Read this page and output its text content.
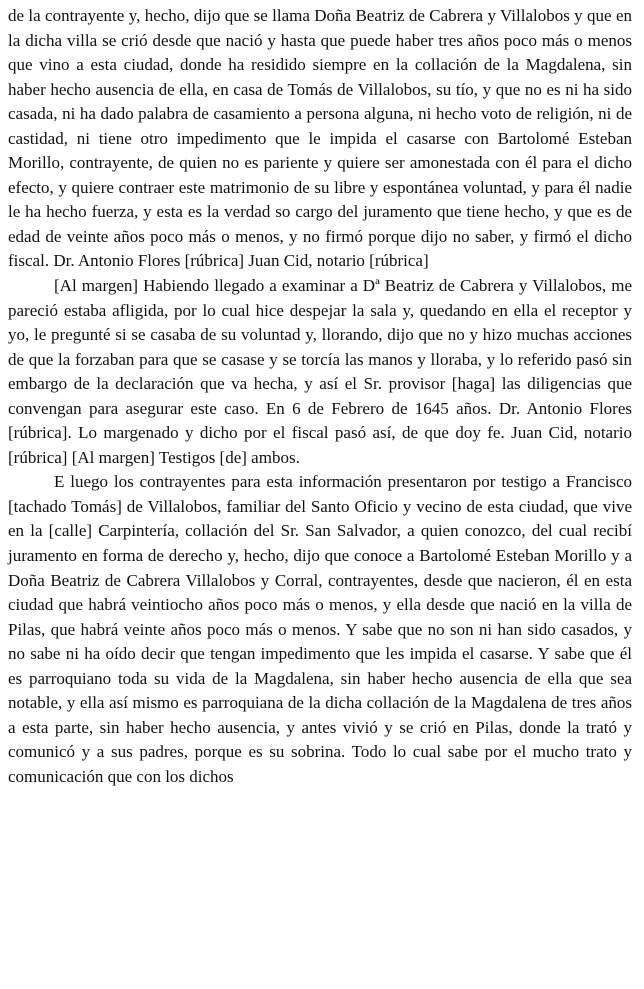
de la contrayente y, hecho, dijo que se llama Doña Beatriz de Cabrera y Villalobos y que en la dicha villa se crió desde que nació y hasta que puede haber tres años poco más o menos que vino a esta ciudad, donde ha residido siempre en la collación de la Magdalena, sin haber hecho ausencia de ella, en casa de Tomás de Villalobos, su tío, y que no es ni ha sido casada, ni ha dado palabra de casamiento a persona alguna, ni hecho voto de religión, ni de castidad, ni tiene otro impedimento que le impida el casarse con Bartolomé Esteban Morillo, contrayente, de quien no es pariente y quiere ser amonestada con él para el dicho efecto, y quiere contraer este matrimonio de su libre y espontánea voluntad, y para él nadie le ha hecho fuerza, y esta es la verdad so cargo del juramento que tiene hecho, y que es de edad de veinte años poco más o menos, y no firmó porque dijo no saber, y firmó el dicho fiscal. Dr. Antonio Flores [rúbrica] Juan Cid, notario [rúbrica]

[Al margen] Habiendo llegado a examinar a Dª Beatriz de Cabrera y Villalobos, me pareció estaba afligida, por lo cual hice despejar la sala y, quedando en ella el receptor y yo, le pregunté si se casaba de su voluntad y, llorando, dijo que no y hizo muchas acciones de que la forzaban para que se casase y se torcía las manos y lloraba, y lo referido pasó sin embargo de la declaración que va hecha, y así el Sr. provisor [haga] las diligencias que convengan para asegurar este caso. En 6 de Febrero de 1645 años. Dr. Antonio Flores [rúbrica]. Lo margenado y dicho por el fiscal pasó así, de que doy fe. Juan Cid, notario [rúbrica] [Al margen] Testigos [de] ambos.

E luego los contrayentes para esta información presentaron por testigo a Francisco [tachado Tomás] de Villalobos, familiar del Santo Oficio y vecino de esta ciudad, que vive en la [calle] Carpintería, collación del Sr. San Salvador, a quien conozco, del cual recibí juramento en forma de derecho y, hecho, dijo que conoce a Bartolomé Esteban Morillo y a Doña Beatriz de Cabrera Villalobos y Corral, contrayentes, desde que nacieron, él en esta ciudad que habrá veintiocho años poco más o menos, y ella desde que nació en la villa de Pilas, que habrá veinte años poco más o menos. Y sabe que no son ni han sido casados, y no sabe ni ha oído decir que tengan impedimento que les impida el casarse. Y sabe que él es parroquiano toda su vida de la Magdalena, sin haber hecho ausencia de ella que sea notable, y ella así mismo es parroquiana de la dicha collación de la Magdalena de tres años a esta parte, sin haber hecho ausencia, y antes vivió y se crió en Pilas, donde la trató y comunicó y a sus padres, porque es su sobrina. Todo lo cual sabe por el mucho trato y comunicación que con los dichos
